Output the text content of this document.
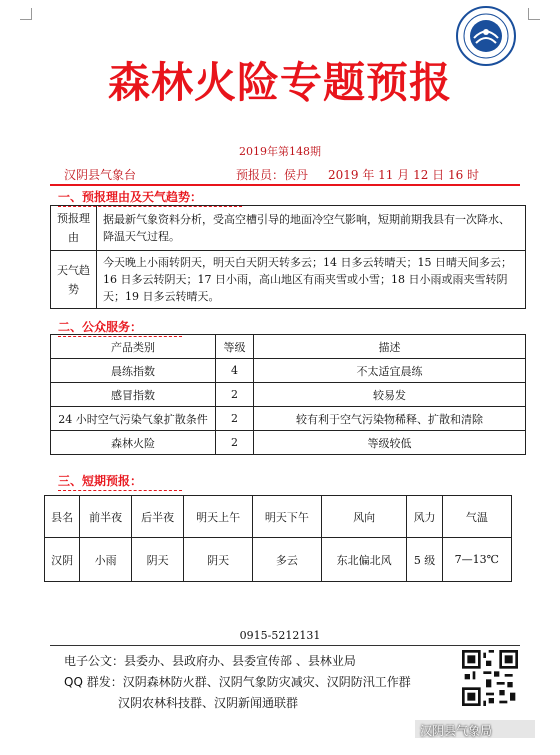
森林火险专题预报
2019年第148期
汉阴县气象台	预报员：侯丹 2019 年 11 月 12 日 16 时
一、预报理由及天气趋势：
预报理由	据最新气象资料分析，受高空槽引导的地面冷空气影响，短期前期我县有一次降水、降温天气过程。
天气趋势	今天晚上小雨转阴天，明天白天阴天转多云；14 日多云转晴天；15 日晴天间多云；16 日多云转阴天；17 日小雨，高山地区有雨夹雪或小雪；18 日小雨或雨夹雪转阴天；19 日多云转晴天。
二、公众服务：
产品类别	等级	描述
晨练指数	4	不太适宜晨练
感冒指数	2	较易发
24 小时空气污染气象扩散条件	2	较有利于空气污染物稀释、扩散和清除
森林火险	2	等级较低
三、短期预报：
县名	前半夜	后半夜	明天上午	明天下午	风向	风力	气温
汉阴	小雨	阴天	阴天	多云	东北偏北风	5 级	7—13℃
0915-5212131
电子公文：县委办、县政府办、县委宣传部 、县林业局
QQ 群发：汉阴森林防火群、汉阴气象防灾减灾、汉阴防汛工作群
汉阴农林科技群、汉阴新闻通联群
汉阴县气象局
